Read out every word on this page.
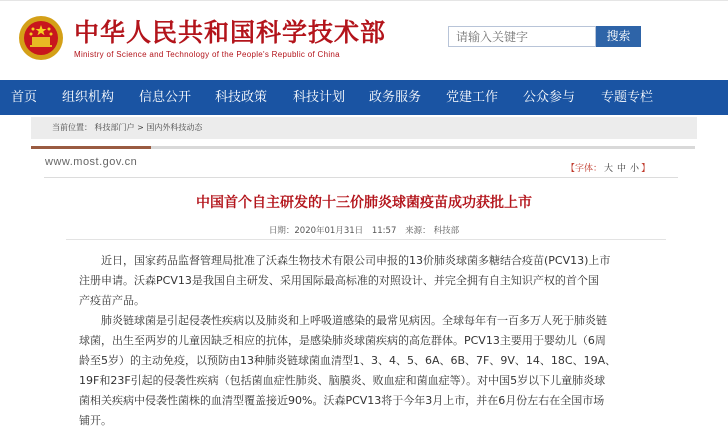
中华人民共和国科学技术部
Ministry of Science and Technology of the People's Republic of China
请输入关键字
搜索
首页 组织机构 信息公开 科技政策 科技计划 政务服务 党建工作 公众参与 专题专栏
当前位置： 科技部门户 > 国内外科技动态
www.most.gov.cn
【字体： 大 中 小 】
中国首个自主研发的十三价肺炎球菌疫苗成功获批上市
日期：2020年01月31日 11:57 来源： 科技部
近日，国家药品监督管理局批准了沃森生物技术有限公司申报的13价肺炎球菌多糖结合疫苗(PCV13)上市
注册申请。沃森PCV13是我国自主研发、采用国际最高标准的对照设计、并完全拥有自主知识产权的首个国
产疫苗产品。
肺炎链球菌是引起侵袭性疾病以及肺炎和上呼吸道感染的最常见病因。全球每年有一百多万人死于肺炎链
球菌，出生至两岁的儿童因缺乏相应的抗体，是感染肺炎球菌疾病的高危群体。PCV13主要用于婴幼儿（6周
龄至5岁）的主动免疫，以预防由13种肺炎链球菌血清型1、3、4、5、6A、6B、7F、9V、14、18C、19A、
19F和23F引起的侵袭性疾病（包括菌血症性肺炎、脑膜炎、败血症和菌血症等）。对中国5岁以下儿童肺炎球
菌相关疾病中侵袭性菌株的血清型覆盖接近90%。沃森PCV13将于今年3月上市，并在6月份左右在全国市场
铺开。
